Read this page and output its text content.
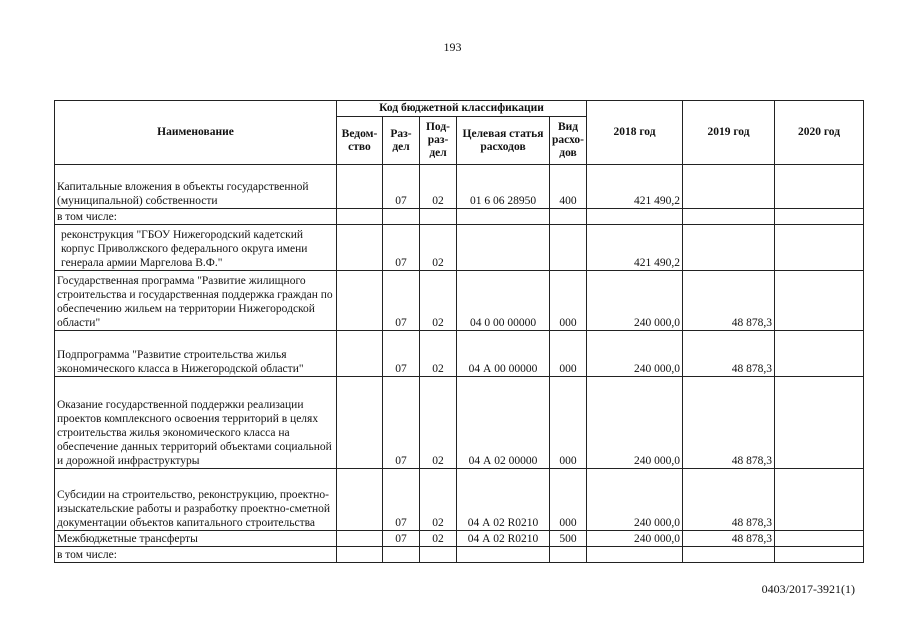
193
Наименование	Код бюджетной классификации					2018 год	2019 год	2020 год
	Ведом-ство	Раз-дел	Под-раз-дел	Целевая статья расходов	Вид расхо-дов			
Капитальные вложения в объекты государственной (муниципальной) собственности		07	02	01 6 06 28950	400	421 490,2		
в том числе:								
реконструкция "ГБОУ Нижегородский кадетский корпус Приволжского федерального округа имени генерала армии Маргелова В.Ф."		07	02			421 490,2		
Государственная программа "Развитие жилищного строительства и государственная поддержка граждан по обеспечению жильем на территории Нижегородской области"		07	02	04 0 00 00000	000	240 000,0	48 878,3	
Подпрограмма "Развитие строительства жилья экономического класса в Нижегородской области"		07	02	04 А 00 00000	000	240 000,0	48 878,3	
Оказание государственной поддержки реализации проектов комплексного освоения территорий в целях строительства жилья экономического класса на обеспечение данных территорий объектами социальной и дорожной инфраструктуры		07	02	04 А 02 00000	000	240 000,0	48 878,3	
Субсидии на строительство, реконструкцию, проектно-изыскательские работы и разработку проектно-сметной документации объектов капитального строительства		07	02	04 А 02 R0210	000	240 000,0	48 878,3	
Межбюджетные трансферты		07	02	04 А 02 R0210	500	240 000,0	48 878,3	
в том числе:								
0403/2017-3921(1)
